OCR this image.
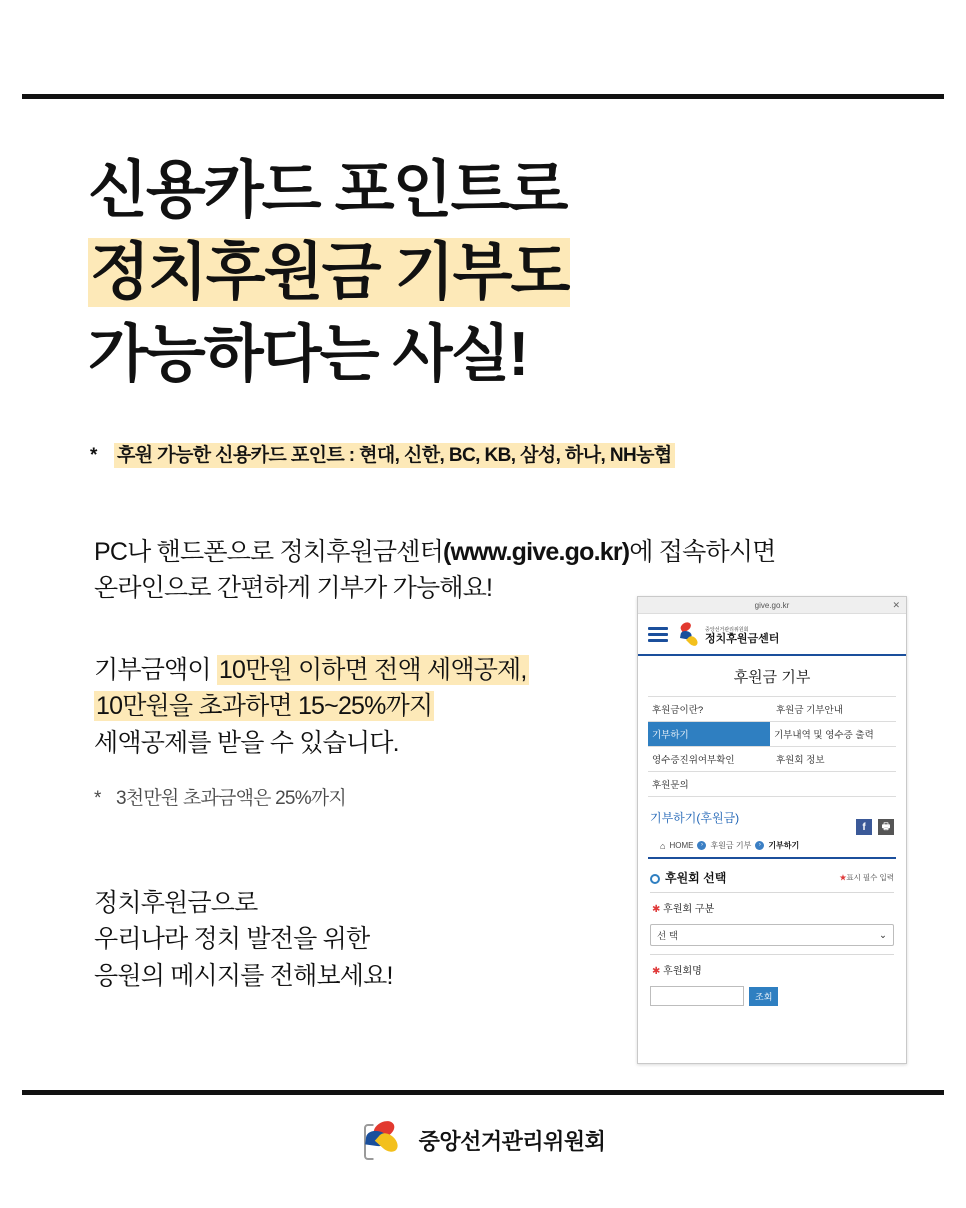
신용카드 포인트로
정치후원금 기부도
가능하다는 사실!
* 후원 가능한 신용카드 포인트 : 현대, 신한, BC, KB, 삼성, 하나, NH농협
PC나 핸드폰으로 정치후원금센터(www.give.go.kr)에 접속하시면
온라인으로 간편하게 기부가 가능해요!
기부금액이 10만원 이하면 전액 세액공제,
10만원을 초과하면 15~25%까지
세액공제를 받을 수 있습니다.
* 3천만원 초과금액은 25%까지
정치후원금으로
우리나라 정치 발전을 위한
응원의 메시지를 전해보세요!
give.go.kr	✕
중앙선거관리위원회
정치후원금센터
후원금 기부
후원금이란?	후원금 기부안내
기부하기	기부내역 및 영수증 출력
영수증진위여부확인	후원회 정보
후원문의
기부하기(후원금)
f	🖶
⌂ HOME	› 후원금 기부	› 기부하기
후원회 선택	★표시 필수 입력
✱ 후원회 구분
선 택	⌄
✱ 후원회명
조회
중앙선거관리위원회
